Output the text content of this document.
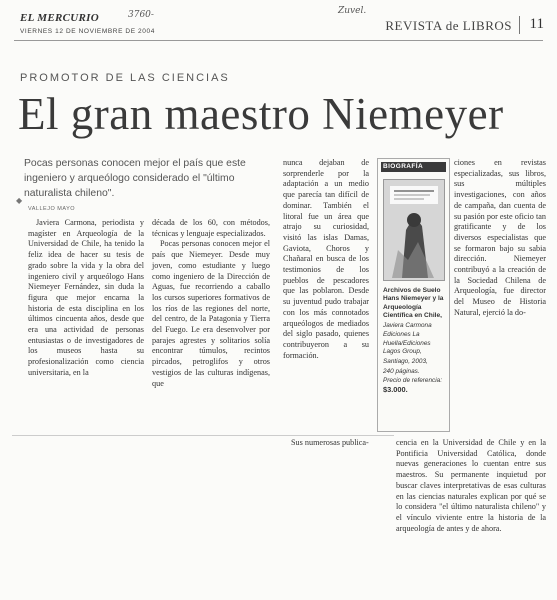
EL MERCURIO	3760-	Zuvel.
VIERNES 12 DE NOVIEMBRE DE 2004	REVISTA de LIBROS 11
PROMOTOR DE LAS CIENCIAS
El gran maestro Niemeyer
◆
Pocas personas conocen mejor el país que este ingeniero y arqueólogo considerado el "último naturalista chileno".
VALLEJO MAYO

Javiera Carmona, periodista y magíster en Arqueología de la Universidad de Chile, ha tenido la feliz idea de hacer su tesis de grado sobre la vida y la obra del ingeniero civil y arqueólogo Hans Niemeyer Fernández, sin duda la figura que mejor encarna la historia de esta disciplina en los últimos cincuenta años, desde que era una actividad de personas entusiastas o de investigadores de los museos hasta su profesionalización como ciencia universitaria, en la

década de los 60, con métodos, técnicas y lenguaje especializados.

Pocas personas conocen mejor el país que Niemeyer. Desde muy joven, como estudiante y luego como ingeniero de la Dirección de Aguas, fue recorriendo a caballo los cursos superiores formativos de los ríos de las regiones del norte, del centro, de la Patagonia y Tierra del Fuego. Le era desenvolver por parajes agrestes y solitarios solía encontrar túmulos, recintos pircados, petroglifos y otros vestigios de las culturas indígenas, que

nunca dejaban de sorprenderle por la adaptación a un medio que parecía tan difícil de dominar. También el litoral fue un área que atrajo su curiosidad, visitó las islas Damas, Gaviota, Choros y Chañaral en busca de los testimonios de los pueblos de pescadores que las poblaron. Desde su juventud pudo trabajar con los más connotados arqueólogos de mediados del siglo pasado, quienes contribuyeron a su formación.

Sus numerosas publica-

BIOGRAFÍA
Archivos de Suelo Hans Niemeyer y la Arqueología Científica en Chile,
Javiera Carmona
Ediciones La Huella/Ediciones Lagos Group,
Santiago, 2003,
240 páginas.
Precio de referencia: $3.000.

ciones en revistas especializadas, sus libros, sus múltiples investigaciones, con años de campaña, dan cuenta de su pasión por este oficio tan gratificante y de los diversos especialistas que se formaron bajo su sabia dirección. Niemeyer contribuyó a la creación de la Sociedad Chilena de Arqueología, fue director del Museo de Historia Natural, ejerció la do-

cencia en la Universidad de Chile y en la Pontificia Universidad Católica, donde nuevas generaciones lo cuentan entre sus maestros. Su permanente inquietud por buscar claves interpretativas de esas culturas en las ciencias naturales explican por qué se lo considera "el último naturalista chileno" y el vínculo viviente entre la historia de la arqueología de antes y de ahora.
